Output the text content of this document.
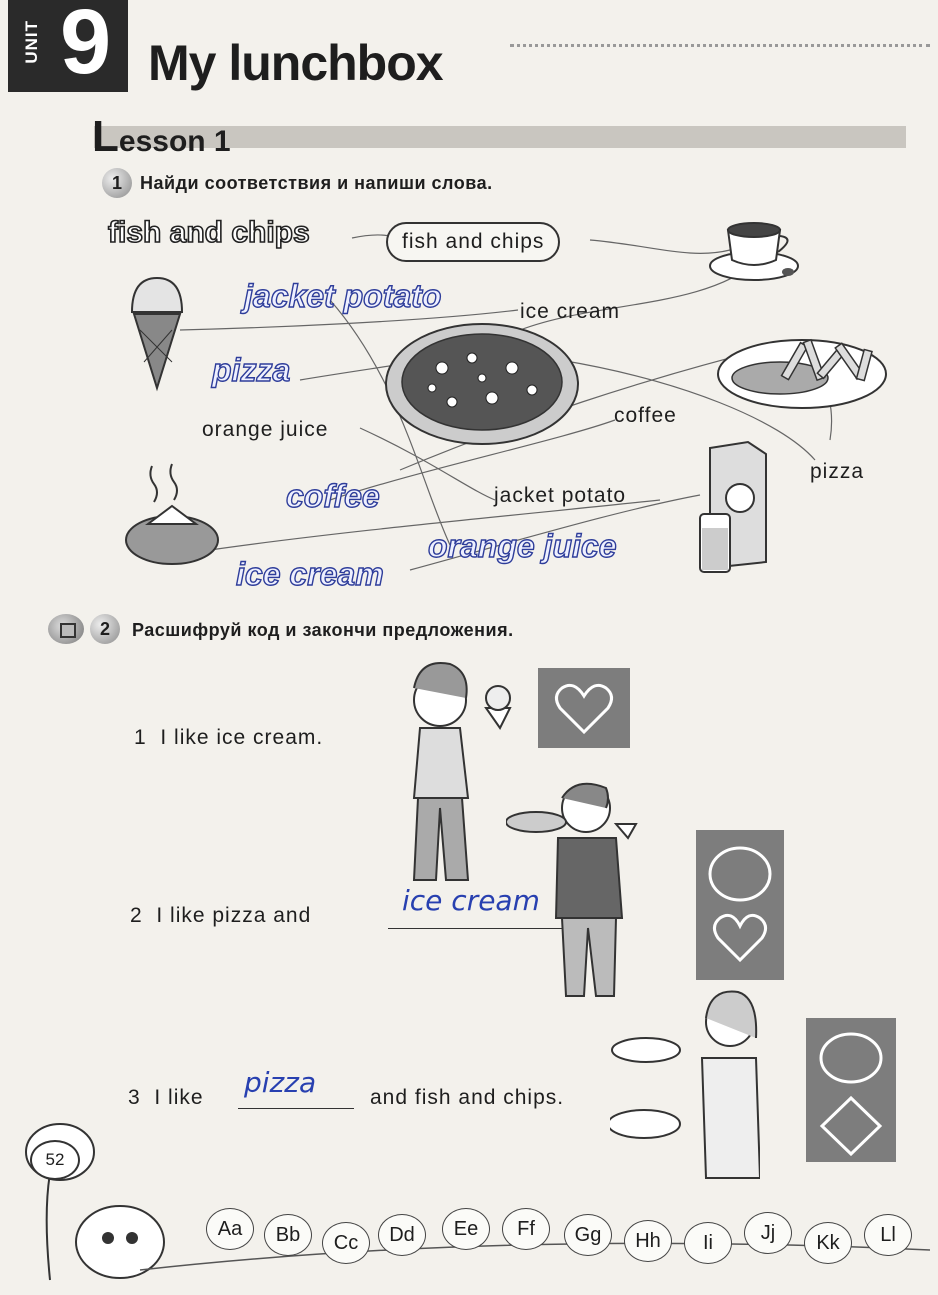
UNIT 9 My lunchbox
Lesson 1
1	Найди соответствия и напиши слова.
fish and chips	fish and chips
jacket potato
pizza
coffee
orange juice
ice cream
ice cream
orange juice
coffee
pizza
jacket potato
2	Расшифруй код и закончи предложения.
1 I like ice cream.
2 I like pizza and	ice cream
3 I like pizza	and fish and chips.
52
Aa	Bb	Cc	Dd	Ee	Ff	Gg	Hh	Ii	Jj	Kk	Ll
